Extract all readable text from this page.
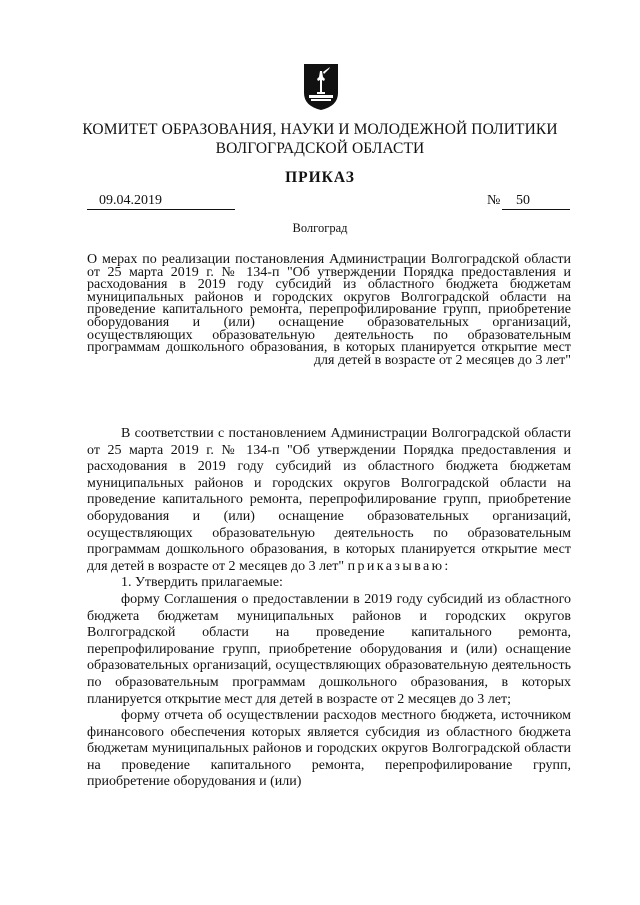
КОМИТЕТ ОБРАЗОВАНИЯ, НАУКИ И МОЛОДЕЖНОЙ ПОЛИТИКИ
ВОЛГОГРАДСКОЙ ОБЛАСТИ
ПРИКАЗ
09.04.2019	№	50
Волгоград
О мерах по реализации постановления Администрации Волгоградской области от 25 марта 2019 г. № 134-п "Об утверждении Порядка предоставления и расходования в 2019 году субсидий из областного бюджета бюджетам муниципальных районов и городских округов Волгоградской области на проведение капитального ремонта, перепрофилирование групп, приобретение оборудования и (или) оснащение образовательных организаций, осуществляющих образовательную деятельность по образовательным программам дошкольного образования, в которых планируется открытие мест
для детей в возрасте от 2 месяцев до 3 лет"

В соответствии с постановлением Администрации Волгоградской области от 25 марта 2019 г. № 134-п "Об утверждении Порядка предоставления и расходования в 2019 году субсидий из областного бюджета бюджетам муниципальных районов и городских округов Волгоградской области на проведение капитального ремонта, перепрофилирование групп, приобретение оборудования и (или) оснащение образовательных организаций, осуществляющих образовательную деятельность по образовательным программам дошкольного образования, в которых планируется открытие мест для детей в возрасте от 2 месяцев до 3 лет" приказываю:

1. Утвердить прилагаемые:

форму Соглашения о предоставлении в 2019 году субсидий из областного бюджета бюджетам муниципальных районов и городских округов Волгоградской области на проведение капитального ремонта, перепрофилирование групп, приобретение оборудования и (или) оснащение образовательных организаций, осуществляющих образовательную деятельность по образовательным программам дошкольного образования, в которых планируется открытие мест для детей в возрасте от 2 месяцев до 3 лет;

форму отчета об осуществлении расходов местного бюджета, источником финансового обеспечения которых является субсидия из областного бюджета бюджетам муниципальных районов и городских округов Волгоградской области на проведение капитального ремонта, перепрофилирование групп, приобретение оборудования и (или)
